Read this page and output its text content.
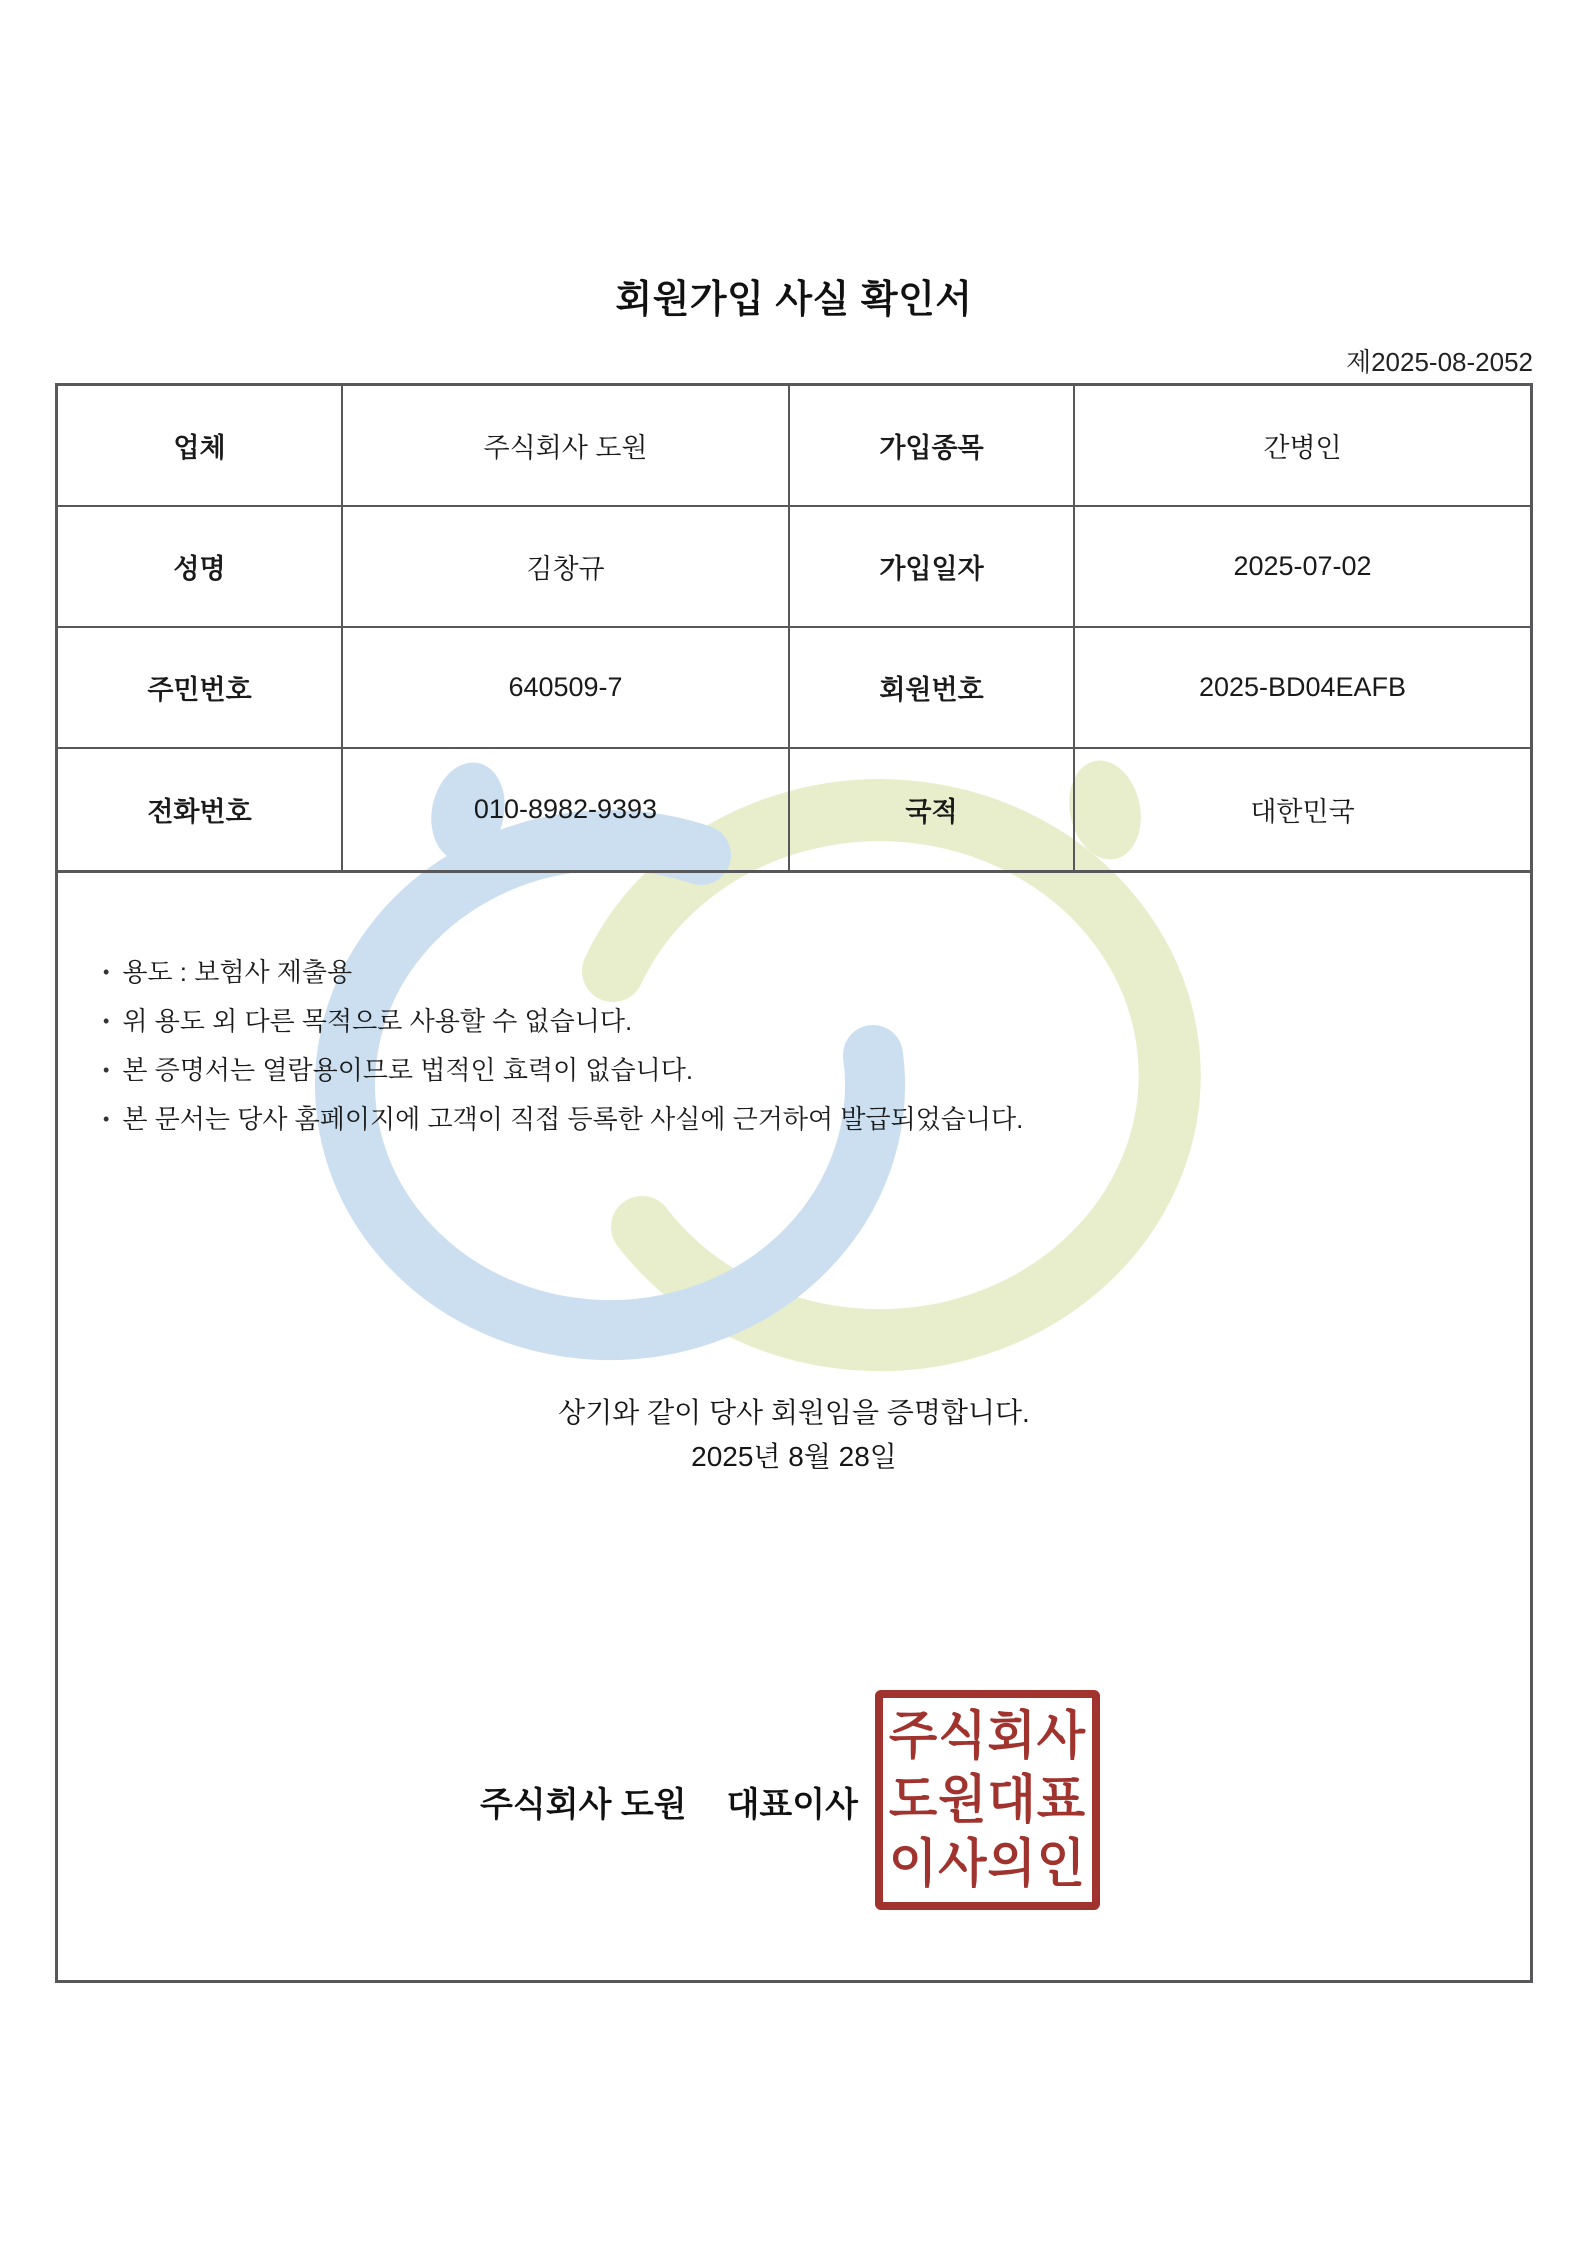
회원가입 사실 확인서
제2025-08-2052
업체	주식회사 도원	가입종목	간병인
성명	김창규	가입일자	2025-07-02
주민번호	640509-7	회원번호	2025-BD04EAFB
전화번호	010-8982-9393	국적	대한민국
• 용도 : 보험사 제출용
• 위 용도 외 다른 목적으로 사용할 수 없습니다.
• 본 증명서는 열람용이므로 법적인 효력이 없습니다.
• 본 문서는 당사 홈페이지에 고객이 직접 등록한 사실에 근거하여 발급되었습니다.
상기와 같이 당사 회원임을 증명합니다.
2025년 8월 28일
주식회사 도원 대표이사
주식회사
도원대표
이사의인
